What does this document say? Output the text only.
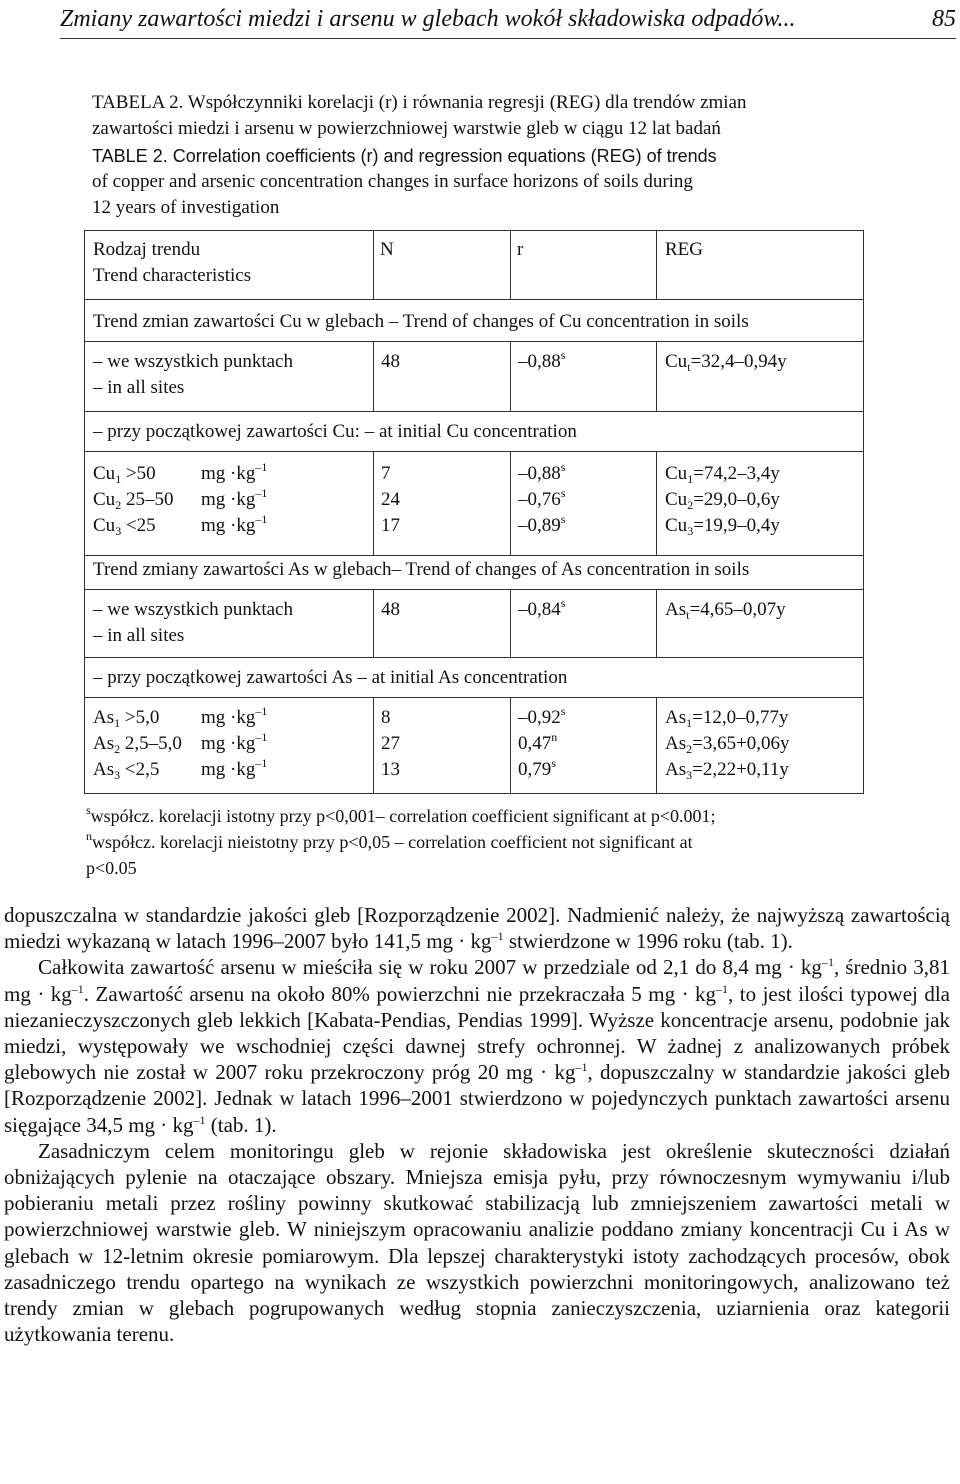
Zmiany zawartości miedzi i arsenu w glebach wokół składowiska odpadów...	85
TABELA 2. Współczynniki korelacji (r) i równania regresji (REG) dla trendów zmian
zawartości miedzi i arsenu w powierzchniowej warstwie gleb w ciągu 12 lat badań
TABLE 2. Correlation coefficients (r) and regression equations (REG) of trends
of copper and arsenic concentration changes in surface horizons of soils during
12 years of investigation
Rodzaj trendu
Trend characteristics
N	r	REG
Trend zmian zawartości Cu w glebach – Trend of changes of Cu concentration in soils
– we wszystkich punktach
– in all sites
48	–0,88$^s$	$Cu_t=32,4-0,94y$
– przy początkowej zawartości Cu: – at initial Cu concentration
$Cu_1 >50$ mg $\cdot kg^{-1}$	7	–0,88$^s$	$Cu_1=74,2-3,4y$
$Cu_2$ 25–50 mg $\cdot kg^{-1}$	24	–0,76$^s$	$Cu_2=29,0-0,6y$
$Cu_3 <25$ mg $\cdot kg^{-1}$	17	–0,89$^s$	$Cu_3=19,9-0,4y$
Trend zmiany zawartości As w glebach– Trend of changes of As concentration in soils
– we wszystkich punktach
– in all sites
48	–0,84$^s$	$As_t=4,65-0,07y$
– przy początkowej zawartości As – at initial As concentration
$As_1 >5,0$ mg $\cdot kg^{-1}$	8	–0,92$^s$	$As_1=12,0-0,77y$
$As_2$ 2,5–5,0 mg $\cdot kg^{-1}$	27	0,47$^n$	$As_2=3,65+0,06y$
$As_3 <2,5$ mg $\cdot kg^{-1}$	13	0,79$^s$	$As_3=2,22+0,11y$
$^s$współcz. korelacji istotny przy p<0,001– correlation coefficient significant at p<0.001;
$^n$współcz. korelacji nieistotny przy p<0,05 – correlation coefficient not significant at
p<0.05

dopuszczalna w standardzie jakości gleb [Rozporządzenie 2002]. Nadmienić należy, że najwyższą zawartością miedzi wykazaną w latach 1996–2007 było 141,5 mg · $kg^{-1}$ stwierdzone w 1996 roku (tab. 1).

Całkowita zawartość arsenu w mieściła się w roku 2007 w przedziale od 2,1 do 8,4 mg · $kg^{-1}$, średnio 3,81 mg · $kg^{-1}$. Zawartość arsenu na około 80% powierzchni nie przekraczała 5 mg · $kg^{-1}$, to jest ilości typowej dla niezanieczyszczonych gleb lekkich [Kabata-Pendias, Pendias 1999]. Wyższe koncentracje arsenu, podobnie jak miedzi, występowały we wschodniej części dawnej strefy ochronnej. W żadnej z analizowanych próbek glebowych nie został w 2007 roku przekroczony próg 20 mg · $kg^{-1}$, dopuszczalny w standardzie jakości gleb [Rozporządzenie 2002]. Jednak w latach 1996–2001 stwierdzono w pojedynczych punktach zawartości arsenu sięgające 34,5 mg · $kg^{-1}$ (tab. 1).

Zasadniczym celem monitoringu gleb w rejonie składowiska jest określenie skuteczności działań obniżających pylenie na otaczające obszary. Mniejsza emisja pyłu, przy równoczesnym wymywaniu i/lub pobieraniu metali przez rośliny powinny skutkować stabilizacją lub zmniejszeniem zawartości metali w powierzchniowej warstwie gleb. W niniejszym opracowaniu analizie poddano zmiany koncentracji Cu i As w glebach w 12-letnim okresie pomiarowym. Dla lepszej charakterystyki istoty zachodzących procesów, obok zasadniczego trendu opartego na wynikach ze wszystkich powierzchni monitoringowych, analizowano też trendy zmian w glebach pogrupowanych według stopnia zanieczyszczenia, uziarnienia oraz kategorii użytkowania terenu.
